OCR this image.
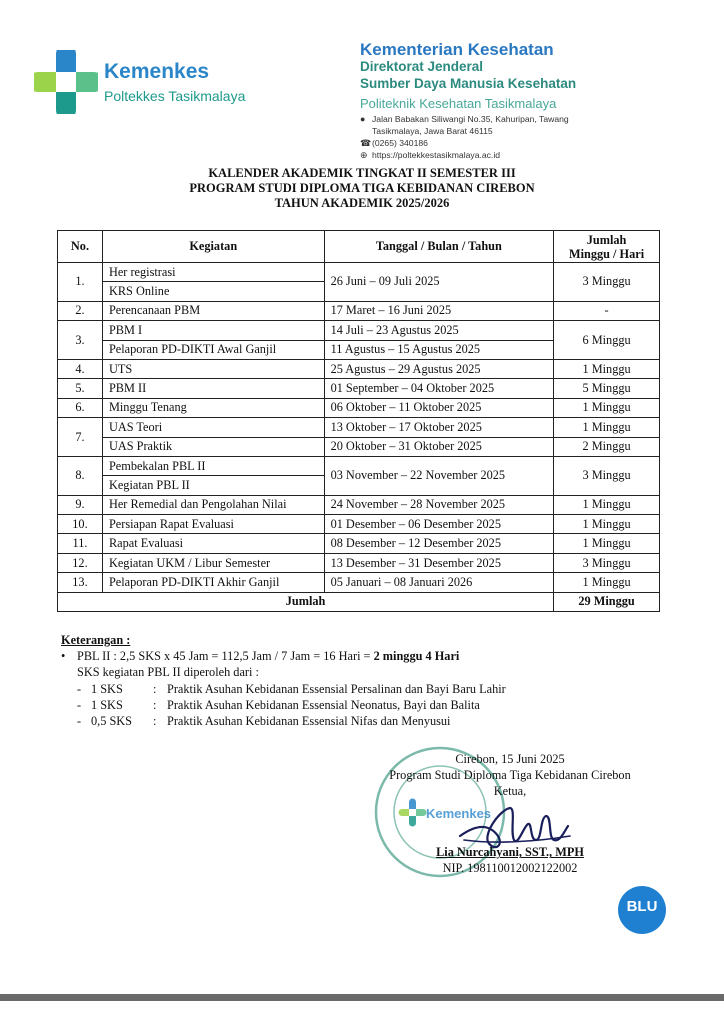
Kemenkes
Poltekkes Tasikmalaya
Kementerian Kesehatan
Direktorat Jenderal
Sumber Daya Manusia Kesehatan
Politeknik Kesehatan Tasikmalaya
● Jalan Babakan Siliwangi No.35, Kahuripan, Tawang
Tasikmalaya, Jawa Barat 46115
☎ (0265) 340186
⊕ https://poltekkestasikmalaya.ac.id
KALENDER AKADEMIK TINGKAT II SEMESTER III
PROGRAM STUDI DIPLOMA TIGA KEBIDANAN CIREBON
TAHUN AKADEMIK 2025/2026
No.	Kegiatan	Tanggal / Bulan / Tahun	Jumlah
Minggu / Hari

1.	Her registrasi	26 Juni – 09 Juli 2025	3 Minggu
	KRS Online		
2.	Perencanaan PBM	17 Maret – 16 Juni 2025	-
3.	PBM I	14 Juli – 23 Agustus 2025	6 Minggu
	Pelaporan PD-DIKTI Awal Ganjil	11 Agustus – 15 Agustus 2025	
4.	UTS	25 Agustus – 29 Agustus 2025	1 Minggu
5.	PBM II	01 September – 04 Oktober 2025	5 Minggu
6.	Minggu Tenang	06 Oktober – 11 Oktober 2025	1 Minggu
7.	UAS Teori	13 Oktober – 17 Oktober 2025	1 Minggu
	UAS Praktik	20 Oktober – 31 Oktober 2025	2 Minggu
8.	Pembekalan PBL II	03 November – 22 November 2025	3 Minggu
	Kegiatan PBL II		
9.	Her Remedial dan Pengolahan Nilai	24 November – 28 November 2025	1 Minggu
10.	Persiapan Rapat Evaluasi	01 Desember – 06 Desember 2025	1 Minggu
11.	Rapat Evaluasi	08 Desember – 12 Desember 2025	1 Minggu
12.	Kegiatan UKM / Libur Semester	13 Desember – 31 Desember 2025	3 Minggu
13.	Pelaporan PD-DIKTI Akhir Ganjil	05 Januari – 08 Januari 2026	1 Minggu
Jumlah			29 Minggu
Keterangan :
• PBL II : 2,5 SKS x 45 Jam = 112,5 Jam / 7 Jam = 16 Hari = 2 minggu 4 Hari
SKS kegiatan PBL II diperoleh dari :
- 1 SKS	: Praktik Asuhan Kebidanan Essensial Persalinan dan Bayi Baru Lahir
- 1 SKS	: Praktik Asuhan Kebidanan Essensial Neonatus, Bayi dan Balita
- 0,5 SKS	: Praktik Asuhan Kebidanan Essensial Nifas dan Menyusui
Kemenkes
Cirebon, 15 Juni 2025
Program Studi Diploma Tiga Kebidanan Cirebon
Ketua,
Lia Nurcahyani, SST., MPH
NIP. 198110012002122002
BLU
